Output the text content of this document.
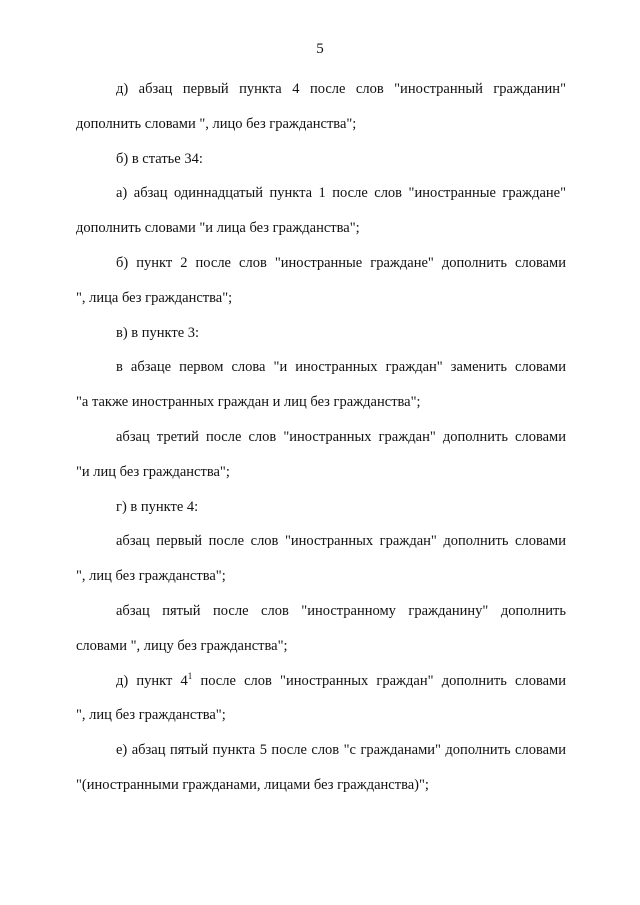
5
д) абзац первый пункта 4 после слов "иностранный гражданин"
дополнить словами ", лицо без гражданства";
б) в статье 34:
а) абзац одиннадцатый пункта 1 после слов "иностранные граждане"
дополнить словами "и лица без гражданства";
б) пункт 2 после слов "иностранные граждане" дополнить словами
", лица без гражданства";
в) в пункте 3:
в абзаце первом слова "и иностранных граждан" заменить словами
"а также иностранных граждан и лиц без гражданства";
абзац третий после слов "иностранных граждан" дополнить словами
"и лиц без гражданства";
г) в пункте 4:
абзац первый после слов "иностранных граждан" дополнить словами
", лиц без гражданства";
абзац пятый после слов "иностранному гражданину" дополнить
словами ", лицу без гражданства";
д) пункт $4^1$ после слов "иностранных граждан" дополнить словами
", лиц без гражданства";
е) абзац пятый пункта 5 после слов "с гражданами" дополнить словами
"(иностранными гражданами, лицами без гражданства)";
